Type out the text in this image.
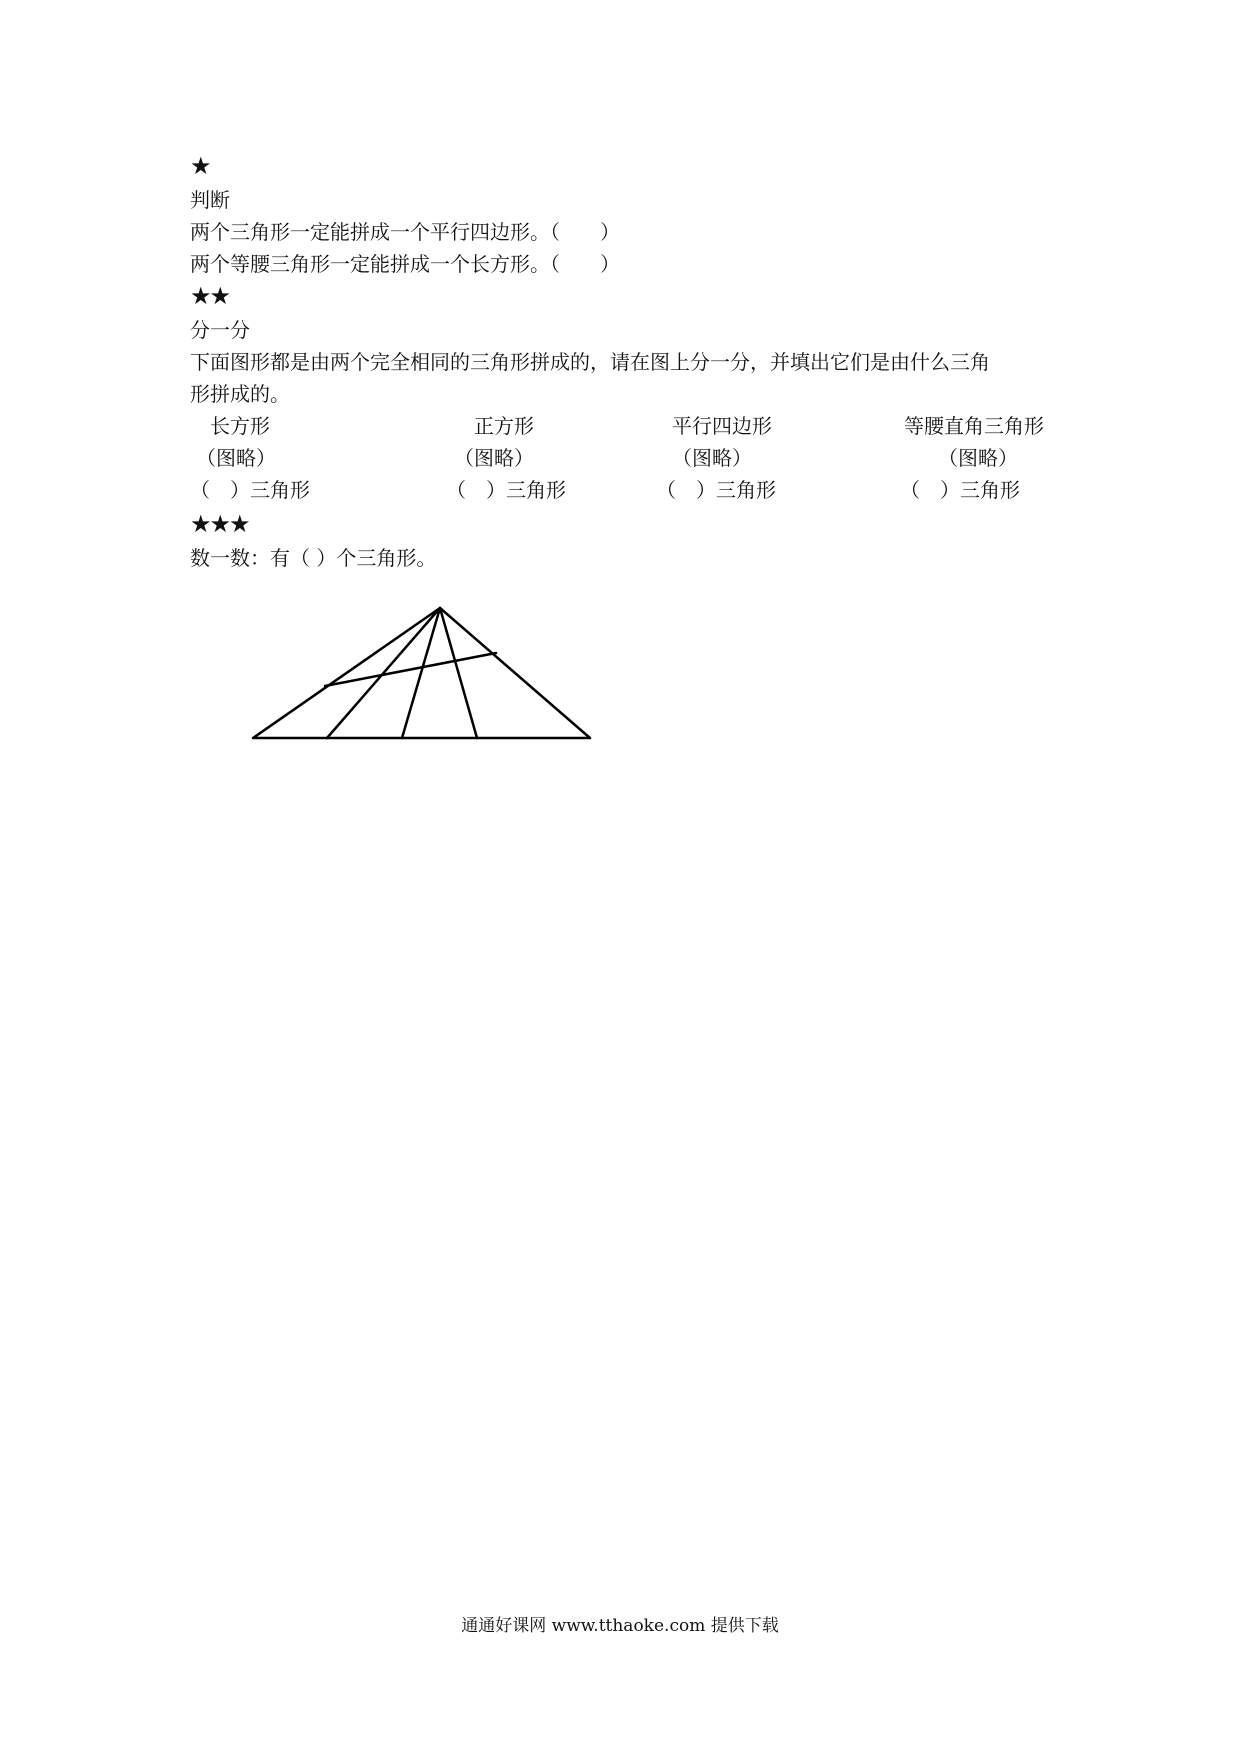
★
判断
两个三角形一定能拼成一个平行四边形。（　　）
两个等腰三角形一定能拼成一个长方形。（　　）
★★
分一分
下面图形都是由两个完全相同的三角形拼成的，请在图上分一分，并填出它们是由什么三角
形拼成的。
长方形	正方形	平行四边形	等腰直角三角形
（图略）	（图略）	（图略）	（图略）
（　）三角形	（　）三角形	（　）三角形	（　）三角形
★★★
数一数：有（ ）个三角形。
通通好课网 www.tthaoke.com 提供下载
